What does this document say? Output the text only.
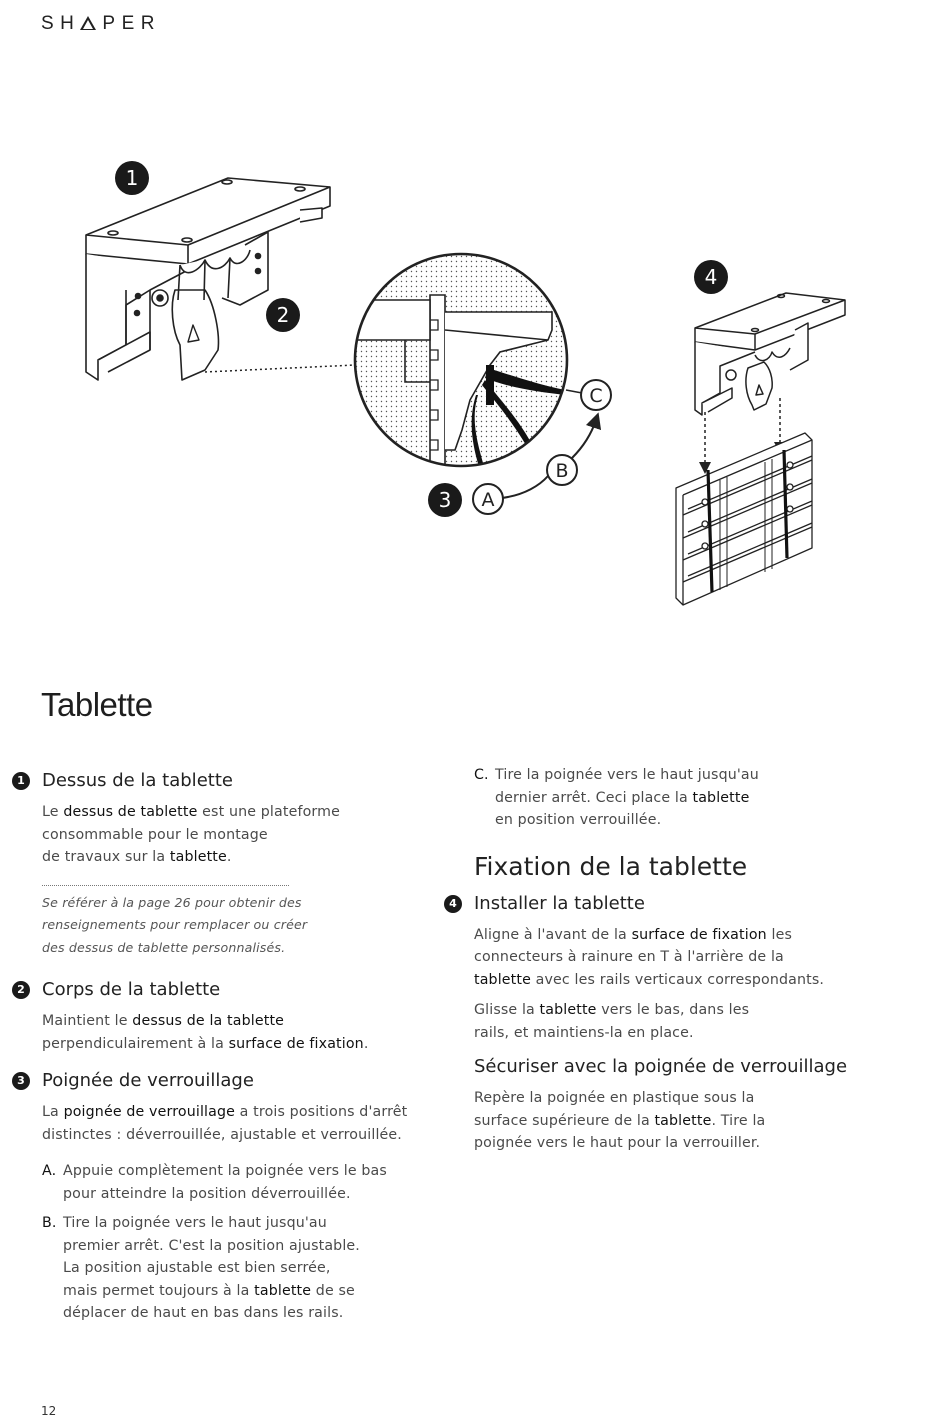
SH PER
1
2
3
4
A
B
C
Tablette
1 Dessus de la tablette

Le dessus de tablette est une plateforme
consommable pour le montage
de travaux sur la tablette.

Se référer à la page 26 pour obtenir des
renseignements pour remplacer ou créer
des dessus de tablette personnalisés.

2 Corps de la tablette

Maintient le dessus de la tablette
perpendiculairement à la surface de fixation.

3 Poignée de verrouillage

La poignée de verrouillage a trois positions d'arrêt
distinctes : déverrouillée, ajustable et verrouillée.

A. Appuie complètement la poignée vers le bas
pour atteindre la position déverrouillée.

B. Tire la poignée vers le haut jusqu'au
premier arrêt. C'est la position ajustable.
La position ajustable est bien serrée,
mais permet toujours à la tablette de se
déplacer de haut en bas dans les rails.

C. Tire la poignée vers le haut jusqu'au
dernier arrêt. Ceci place la tablette
en position verrouillée.

Fixation de la tablette
4 Installer la tablette

Aligne à l'avant de la surface de fixation les
connecteurs à rainure en T à l'arrière de la
tablette avec les rails verticaux correspondants.

Glisse la tablette vers le bas, dans les
rails, et maintiens-la en place.

Sécuriser avec la poignée de verrouillage

Repère la poignée en plastique sous la
surface supérieure de la tablette. Tire la
poignée vers le haut pour la verrouiller.

12
